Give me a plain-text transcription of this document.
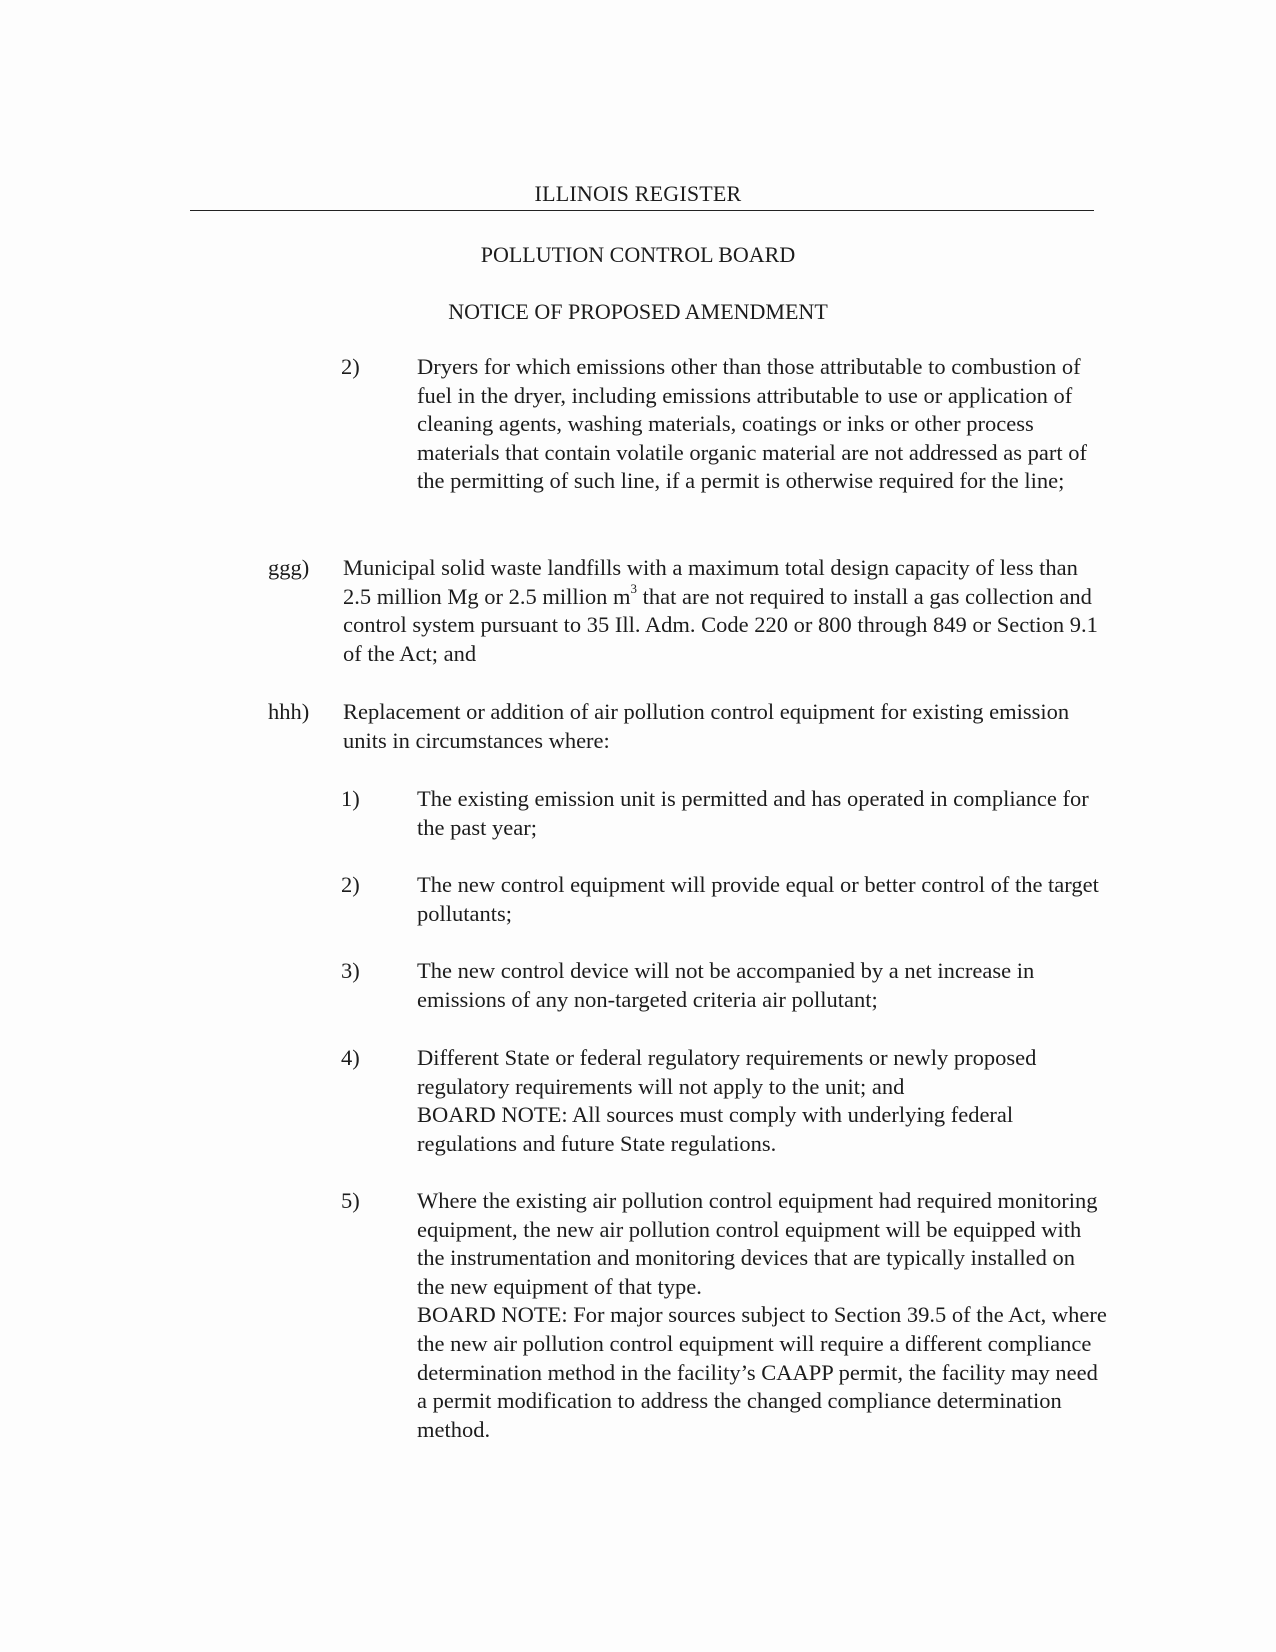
ILLINOIS REGISTER
POLLUTION CONTROL BOARD
NOTICE OF PROPOSED AMENDMENT
2)	Dryers for which emissions other than those attributable to combustion of fuel in the dryer, including emissions attributable to use or application of cleaning agents, washing materials, coatings or inks or other process materials that contain volatile organic material are not addressed as part of the permitting of such line, if a permit is otherwise required for the line;
ggg) Municipal solid waste landfills with a maximum total design capacity of less than 2.5 million Mg or 2.5 million $m^3$ that are not required to install a gas collection and control system pursuant to 35 Ill. Adm. Code 220 or 800 through 849 or Section 9.1 of the Act; and
hhh) Replacement or addition of air pollution control equipment for existing emission units in circumstances where:
1)	The existing emission unit is permitted and has operated in compliance for the past year;
2)	The new control equipment will provide equal or better control of the target pollutants;
3)	The new control device will not be accompanied by a net increase in emissions of any non-targeted criteria air pollutant;
4)	Different State or federal regulatory requirements or newly proposed regulatory requirements will not apply to the unit; and
BOARD NOTE: All sources must comply with underlying federal regulations and future State regulations.
5)	Where the existing air pollution control equipment had required monitoring equipment, the new air pollution control equipment will be equipped with the instrumentation and monitoring devices that are typically installed on the new equipment of that type.
BOARD NOTE: For major sources subject to Section 39.5 of the Act, where the new air pollution control equipment will require a different compliance determination method in the facility’s CAAPP permit, the facility may need a permit modification to address the changed compliance determination method.
